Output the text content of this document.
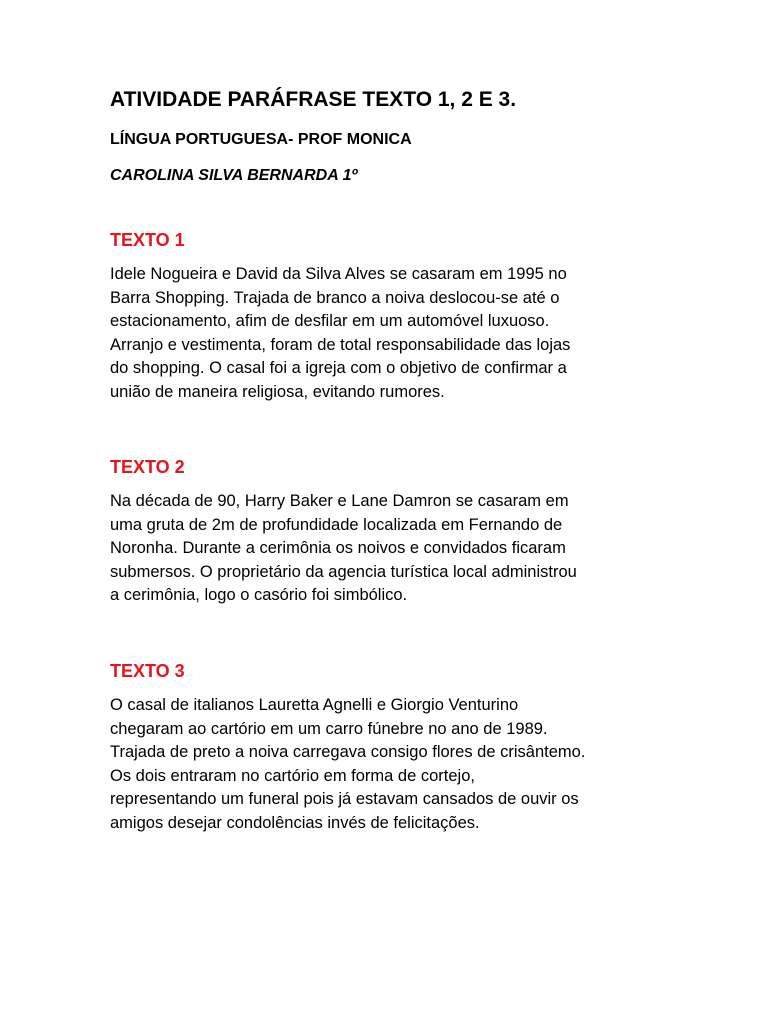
ATIVIDADE PARÁFRASE TEXTO 1, 2 E 3.

LÍNGUA PORTUGUESA- PROF MONICA

CAROLINA SILVA BERNARDA 1º

TEXTO 1

Idele Nogueira e David da Silva Alves se casaram em 1995 no
Barra Shopping. Trajada de branco a noiva deslocou-se até o
estacionamento, afim de desfilar em um automóvel luxuoso.
Arranjo e vestimenta, foram de total responsabilidade das lojas
do shopping. O casal foi a igreja com o objetivo de confirmar a
união de maneira religiosa, evitando rumores.

TEXTO 2

Na década de 90, Harry Baker e Lane Damron se casaram em
uma gruta de 2m de profundidade localizada em Fernando de
Noronha. Durante a cerimônia os noivos e convidados ficaram
submersos. O proprietário da agencia turística local administrou
a cerimônia, logo o casório foi simbólico.

TEXTO 3

O casal de italianos Lauretta Agnelli e Giorgio Venturino
chegaram ao cartório em um carro fúnebre no ano de 1989.
Trajada de preto a noiva carregava consigo flores de crisântemo.
Os dois entraram no cartório em forma de cortejo,
representando um funeral pois já estavam cansados de ouvir os
amigos desejar condolências invés de felicitações.
